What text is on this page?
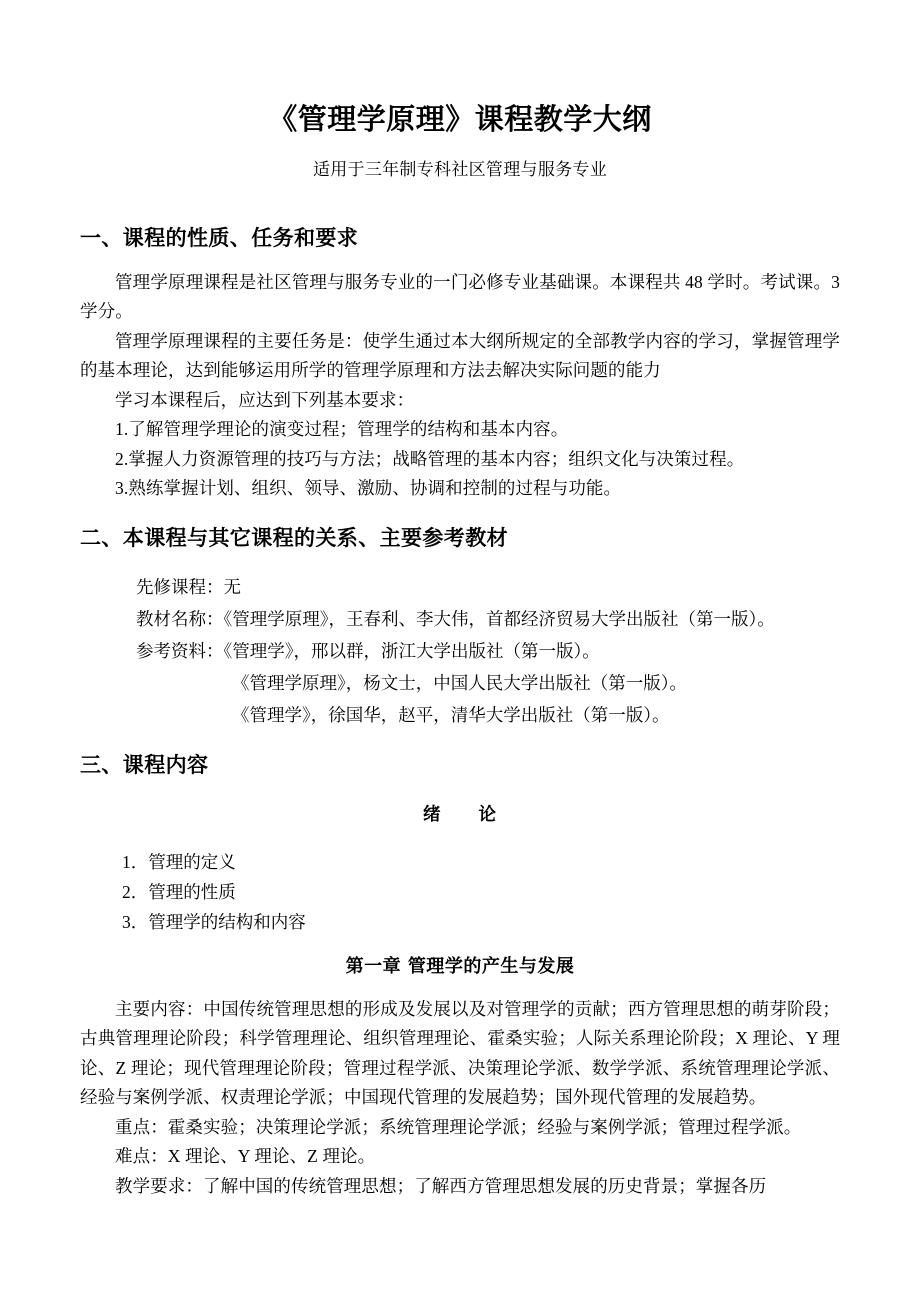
《管理学原理》课程教学大纲

适用于三年制专科社区管理与服务专业

一、课程的性质、任务和要求

管理学原理课程是社区管理与服务专业的一门必修专业基础课。本课程共 48 学时。考试课。3 学分。

管理学原理课程的主要任务是：使学生通过本大纲所规定的全部教学内容的学习，掌握管理学的基本理论，达到能够运用所学的管理学原理和方法去解决实际问题的能力

学习本课程后，应达到下列基本要求：

1.了解管理学理论的演变过程；管理学的结构和基本内容。

2.掌握人力资源管理的技巧与方法；战略管理的基本内容；组织文化与决策过程。

3.熟练掌握计划、组织、领导、激励、协调和控制的过程与功能。

二、本课程与其它课程的关系、主要参考教材

先修课程：无

教材名称：《管理学原理》，王春利、李大伟，首都经济贸易大学出版社（第一版）。

参考资料：《管理学》，邢以群，浙江大学出版社（第一版）。

《管理学原理》，杨文士，中国人民大学出版社（第一版）。

《管理学》，徐国华，赵平，清华大学出版社（第一版）。

三、课程内容

绪　　论

1．管理的定义

2．管理的性质

3．管理学的结构和内容

第一章 管理学的产生与发展

主要内容：中国传统管理思想的形成及发展以及对管理学的贡献；西方管理思想的萌芽阶段；古典管理理论阶段；科学管理理论、组织管理理论、霍桑实验；人际关系理论阶段；X 理论、Y 理论、Z 理论；现代管理理论阶段；管理过程学派、决策理论学派、数学学派、系统管理理论学派、经验与案例学派、权责理论学派；中国现代管理的发展趋势；国外现代管理的发展趋势。

重点：霍桑实验；决策理论学派；系统管理理论学派；经验与案例学派；管理过程学派。

难点：X 理论、Y 理论、Z 理论。

教学要求：了解中国的传统管理思想；了解西方管理思想发展的历史背景；掌握各历
